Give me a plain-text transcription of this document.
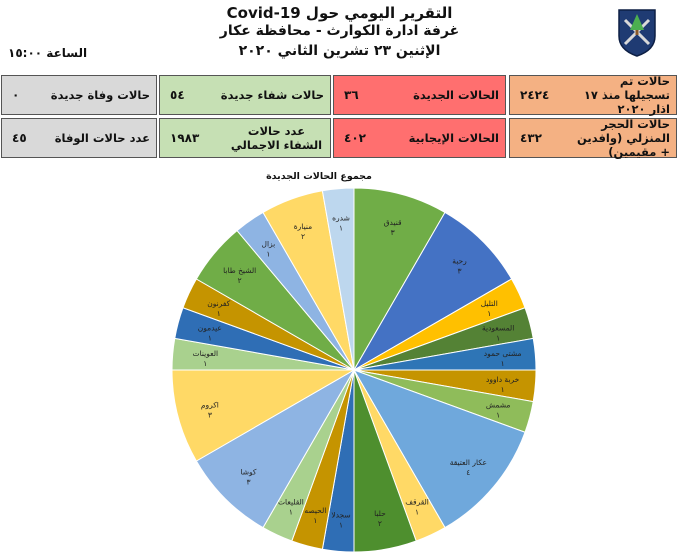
التقرير اليومي حول Covid-19
غرفة ادارة الكوارث - محافظة عكار
الإثنين ٢٣ تشرين الثاني ٢٠٢٠
الساعة ١٥:٠٠
حالات تم تسجيلها منذ ١٧ اذار ٢٠٢٠
٢٤٢٤
الحالات الجديدة
٣٦
حالات شفاء جديدة
٥٤
حالات وفاة جديدة
٠
حالات الحجر المنزلي (وافدين + مقيمين)
٤٣٢
الحالات الإيجابية
٤٠٢
عدد حالات الشفاء الاجمالي
١٩٨٣
عدد حالات الوفاة
٤٥
مجموع الحالات الجديدة
قنيدق
٣
رحبة
٣
التليل
١
المسعودية
١
مشتى حمود
١
خربة داوود
١
مشمش
١
عكار العتيقة
٤
القرقف
١
حلبا
٢
سجدلا
١
الحيصه
١
القليعات
١
كوشا
٣
اكروم
٣
العوينات
١
عيدمون
١
كفرنون
١
الشيخ طابا
٢
بزال
١
منيارة
٢
شدره
١
